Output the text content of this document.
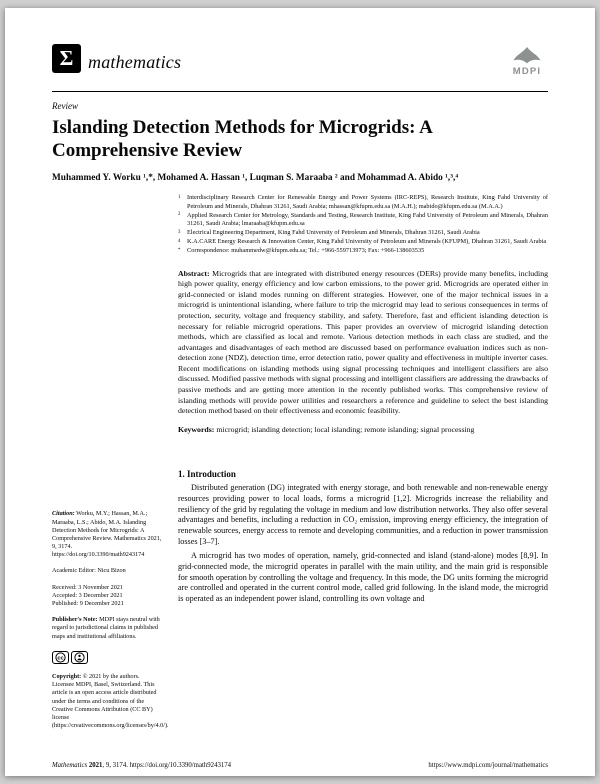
Σ mathematics	MDPI
Review
Islanding Detection Methods for Microgrids: A Comprehensive Review
Muhammed Y. Worku ¹,*, Mohamed A. Hassan ¹, Luqman S. Maraaba ² and Mohammad A. Abido ¹,³,⁴
Citation: Worku, M.Y.; Hassan, M.A.; Maraaba, L.S.; Abido, M.A. Islanding Detection Methods for Microgrids: A Comprehensive Review. Mathematics 2021, 9, 3174. https://doi.org/10.3390/math9243174
Academic Editor: Nicu Bizon
Received: 3 November 2021
Accepted: 3 December 2021
Published: 9 December 2021
Publisher's Note: MDPI stays neutral with regard to jurisdictional claims in published maps and institutional affiliations.
cc
Copyright: © 2021 by the authors. Licensee MDPI, Basel, Switzerland. This article is an open access article distributed under the terms and conditions of the Creative Commons Attribution (CC BY) license (https://creativecommons.org/licenses/by/4.0/).
1	Interdisciplinary Research Center for Renewable Energy and Power Systems (IRC-REPS), Research Institute, King Fahd University of Petroleum and Minerals, Dhahran 31261, Saudi Arabia; mhassan@kfupm.edu.sa (M.A.H.); mabido@kfupm.edu.sa (M.A.A.)
2	Applied Research Center for Metrology, Standards and Testing, Research Institute, King Fahd University of Petroleum and Minerals, Dhahran 31261, Saudi Arabia; lmaraaba@kfupm.edu.sa
3	Electrical Engineering Department, King Fahd University of Petroleum and Minerals, Dhahran 31261, Saudi Arabia
4	K.A.CARE Energy Research & Innovation Center, King Fahd University of Petroleum and Minerals (KFUPM), Dhahran 31261, Saudi Arabia
*	Correspondence: muhammedw@kfupm.edu.sa; Tel.: +966-559713973; Fax: +966-138603535

Abstract: Microgrids that are integrated with distributed energy resources (DERs) provide many benefits, including high power quality, energy efficiency and low carbon emissions, to the power grid. Microgrids are operated either in grid-connected or island modes running on different strategies. However, one of the major technical issues in a microgrid is unintentional islanding, where failure to trip the microgrid may lead to serious consequences in terms of protection, security, voltage and frequency stability, and safety. Therefore, fast and efficient islanding detection is necessary for reliable microgrid operations. This paper provides an overview of microgrid islanding detection methods, which are classified as local and remote. Various detection methods in each class are studied, and the advantages and disadvantages of each method are discussed based on performance evaluation indices such as non-detection zone (NDZ), detection time, error detection ratio, power quality and effectiveness in multiple inverter cases. Recent modifications on islanding methods using signal processing techniques and intelligent classifiers are also discussed. Modified passive methods with signal processing and intelligent classifiers are addressing the drawbacks of passive methods and are getting more attention in the recently published works. This comprehensive review of islanding methods will provide power utilities and researchers a reference and guideline to select the best islanding detection method based on their effectiveness and economic feasibility.

Keywords: microgrid; islanding detection; local islanding; remote islanding; signal processing

1. Introduction

Distributed generation (DG) integrated with energy storage, and both renewable and non-renewable energy resources providing power to local loads, forms a microgrid [1,2]. Microgrids increase the reliability and resiliency of the grid by regulating the voltage in medium and low distribution networks. They also offer several advantages and benefits, including a reduction in CO₂ emission, improving energy efficiency, the integration of renewable sources, energy access to remote and developing communities, and a reduction in power transmission losses [3–7].

A microgrid has two modes of operation, namely, grid-connected and island (stand-alone) modes [8,9]. In grid-connected mode, the microgrid operates in parallel with the main utility, and the main grid is responsible for smooth operation by controlling the voltage and frequency. In this mode, the DG units forming the microgrid are controlled and operated in the current control mode, called grid following. In the island mode, the microgrid is operated as an independent power island, controlling its own voltage and

Mathematics 2021, 9, 3174. https://doi.org/10.3390/math9243174	https://www.mdpi.com/journal/mathematics
